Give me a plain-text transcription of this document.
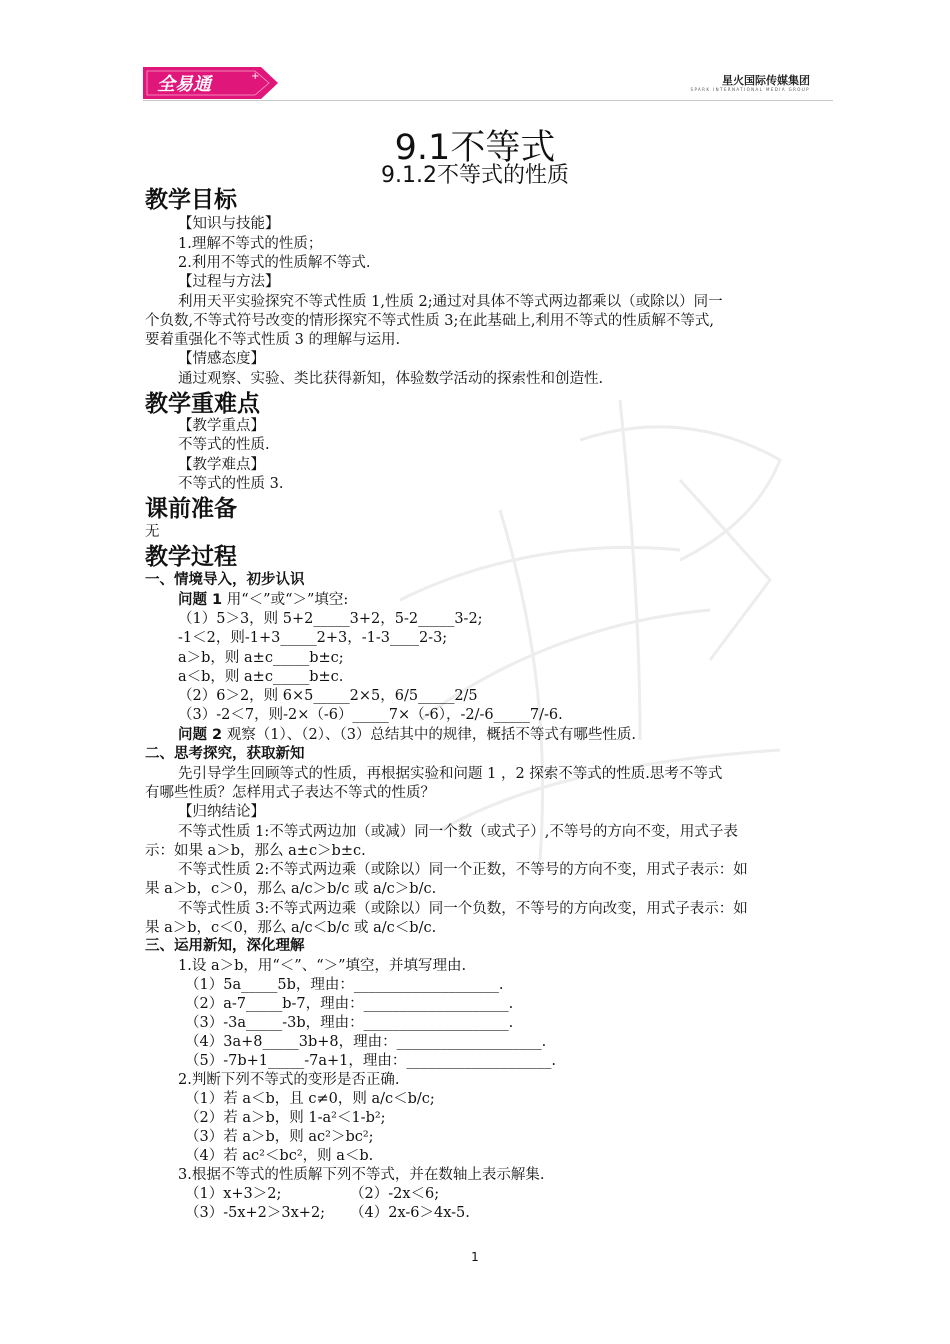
全易通	+	星火国际传媒集团
SPARK INTERNATIONAL MEDIA GROUP
9.1不等式
9.1.2不等式的性质
教学目标
【知识与技能】
1.理解不等式的性质；
2.利用不等式的性质解不等式.
【过程与方法】
利用天平实验探究不等式性质 1,性质 2;通过对具体不等式两边都乘以（或除以）同一
个负数,不等式符号改变的情形探究不等式性质 3;在此基础上,利用不等式的性质解不等式,
要着重强化不等式性质 3 的理解与运用.
【情感态度】
通过观察、实验、类比获得新知，体验数学活动的探索性和创造性.
教学重难点
【教学重点】
不等式的性质.
【教学难点】
不等式的性质 3.
课前准备
无
教学过程
一、情境导入，初步认识
问题 1 用“＜”或“＞”填空:
（1）5＞3，则 5+2_____3+2，5-2_____3-2;
-1＜2，则-1+3_____2+3，-1-3____2-3;
a＞b，则 a±c_____b±c;
a＜b，则 a±c_____b±c.
（2）6＞2，则 6×5_____2×5，6/5_____2/5
（3）-2＜7，则-2×（-6）_____7×（-6），-2/-6_____7/-6.
问题 2 观察（1）、（2）、（3）总结其中的规律，概括不等式有哪些性质.
二、思考探究，获取新知
先引导学生回顾等式的性质，再根据实验和问题 1 ，2 探索不等式的性质.思考不等式
有哪些性质？怎样用式子表达不等式的性质？
【归纳结论】
不等式性质 1:不等式两边加（或减）同一个数（或式子）,不等号的方向不变，用式子表
示：如果 a＞b，那么 a±c＞b±c.
不等式性质 2:不等式两边乘（或除以）同一个正数，不等号的方向不变，用式子表示：如
果 a＞b，c＞0，那么 a/c＞b/c 或 a/c＞b/c.
不等式性质 3:不等式两边乘（或除以）同一个负数，不等号的方向改变，用式子表示：如
果 a＞b，c＜0，那么 a/c＜b/c 或 a/c＜b/c.
三、运用新知，深化理解
1.设 a＞b，用“＜”、“＞”填空，并填写理由.
（1）5a_____5b，理由：____________________.
（2）a-7_____b-7，理由：____________________.
（3）-3a_____-3b，理由：____________________.
（4）3a+8_____3b+8，理由：____________________.
（5）-7b+1_____-7a+1，理由：____________________.
2.判断下列不等式的变形是否正确.
（1）若 a＜b，且 c≠0，则 a/c＜b/c;
（2）若 a＞b，则 1-a²＜1-b²;
（3）若 a＞b，则 ac²＞bc²;
（4）若 ac²＜bc²，则 a＜b.
3.根据不等式的性质解下列不等式，并在数轴上表示解集.
（1）x+3＞2;	（2）-2x＜6;
（3）-5x+2＞3x+2; （4）2x-6＞4x-5.
1
